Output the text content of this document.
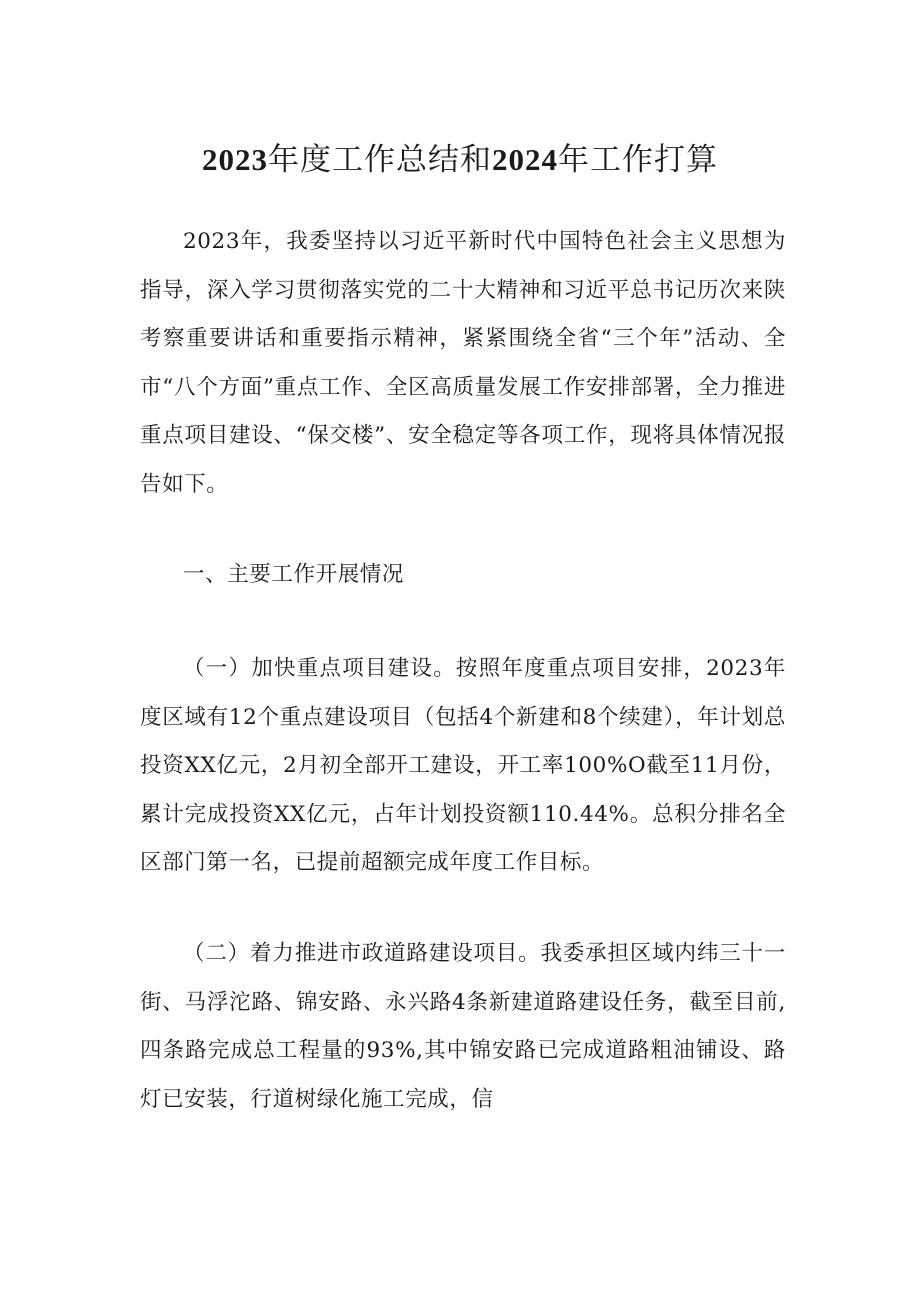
2023年度工作总结和2024年工作打算

2023年，我委坚持以习近平新时代中国特色社会主义思想为指导，深入学习贯彻落实党的二十大精神和习近平总书记历次来陕考察重要讲话和重要指示精神，紧紧围绕全省“三个年”活动、全市“八个方面”重点工作、全区高质量发展工作安排部署，全力推进重点项目建设、“保交楼”、安全稳定等各项工作，现将具体情况报告如下。

一、主要工作开展情况

（一）加快重点项目建设。按照年度重点项目安排，2023年度区域有12个重点建设项目（包括4个新建和8个续建），年计划总投资XX亿元，2月初全部开工建设，开工率100%O截至11月份，累计完成投资XX亿元，占年计划投资额110.44%。总积分排名全区部门第一名，已提前超额完成年度工作目标。

（二）着力推进市政道路建设项目。我委承担区域内纬三十一街、马浮沱路、锦安路、永兴路4条新建道路建设任务，截至目前,四条路完成总工程量的93%,其中锦安路已完成道路粗油铺设、路灯已安装，行道树绿化施工完成，信
